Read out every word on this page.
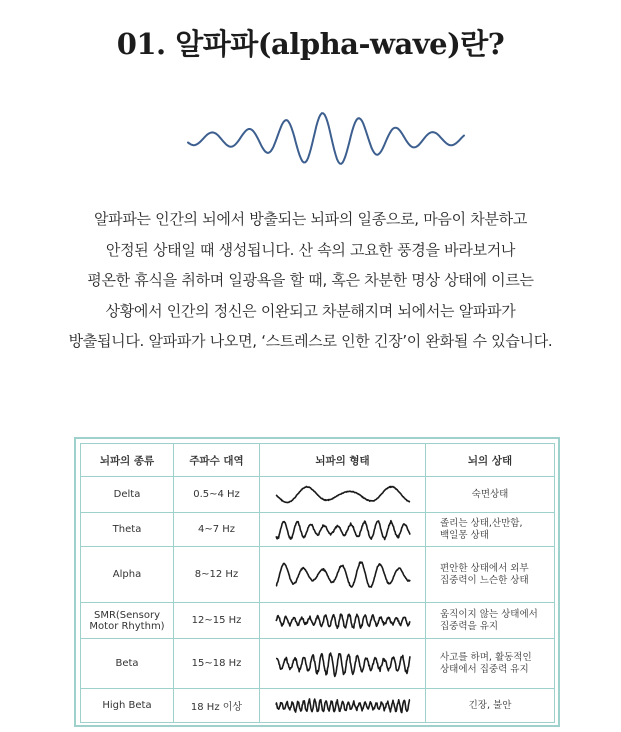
01. 알파파(alpha-wave)란?

알파파는 인간의 뇌에서 방출되는 뇌파의 일종으로, 마음이 차분하고

안정된 상태일 때 생성됩니다. 산 속의 고요한 풍경을 바라보거나

평온한 휴식을 취하며 일광욕을 할 때, 혹은 차분한 명상 상태에 이르는

상황에서 인간의 정신은 이완되고 차분해지며 뇌에서는 알파파가

방출됩니다. 알파파가 나오면, ‘스트레스로 인한 긴장’이 완화될 수 있습니다.

뇌파의 종류	주파수 대역	뇌파의 형태	뇌의 상태
Delta	0.5~4 Hz		숙면상태
Theta	4~7 Hz		졸리는 상태,산만함,
백일몽 상태
Alpha	8~12 Hz		편안한 상태에서 외부
집중력이 느슨한 상태
SMR(Sensory
Motor Rhythm)	12~15 Hz		움직이지 않는 상태에서
집중력을 유지
Beta	15~18 Hz		사고를 하며, 활동적인
상태에서 집중력 유지
High Beta	18 Hz 이상		긴장, 불안
